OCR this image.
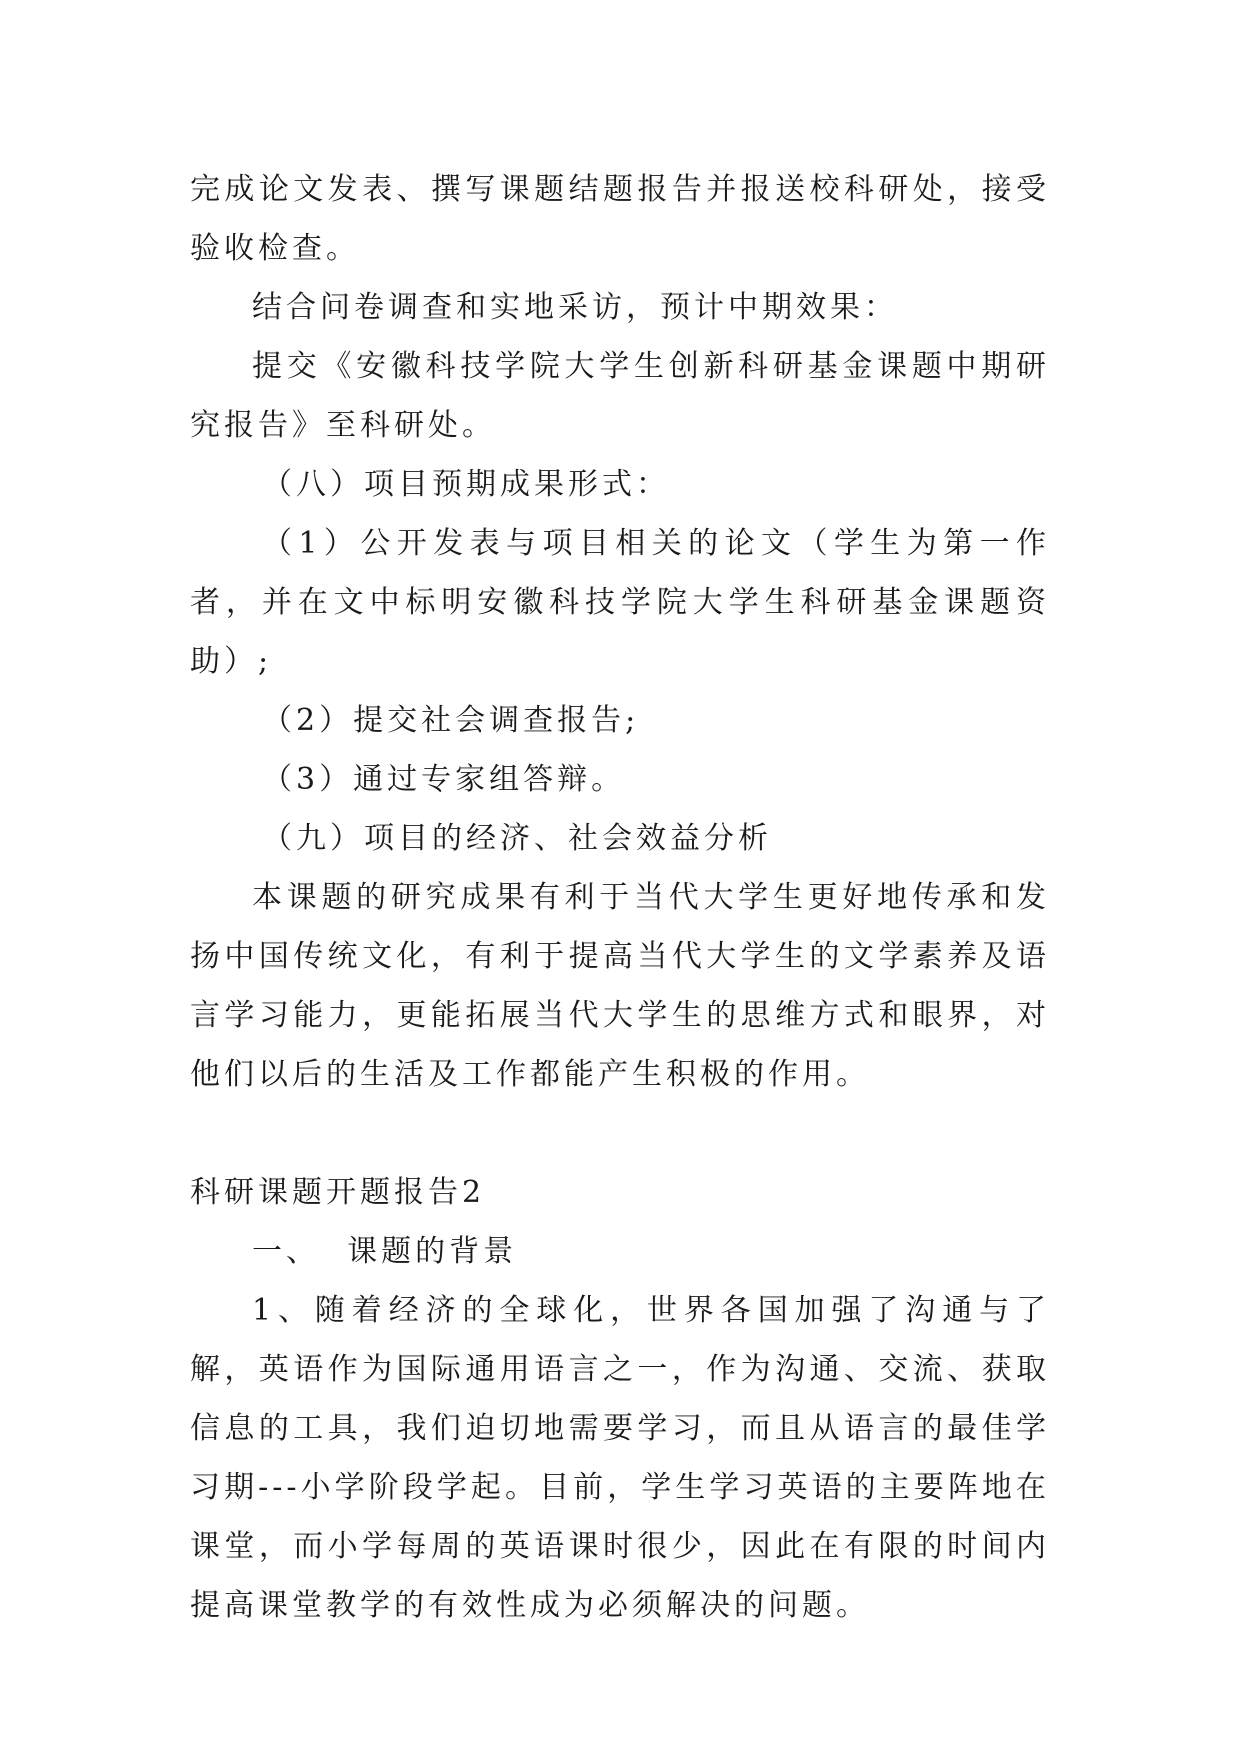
完成论文发表、撰写课题结题报告并报送校科研处，接受验收检查。

结合问卷调查和实地采访，预计中期效果：

提交《安徽科技学院大学生创新科研基金课题中期研究报告》至科研处。

（八）项目预期成果形式：

（1）公开发表与项目相关的论文（学生为第一作者，并在文中标明安徽科技学院大学生科研基金课题资助）;

（2）提交社会调查报告;

（3）通过专家组答辩。

（九）项目的经济、社会效益分析

本课题的研究成果有利于当代大学生更好地传承和发扬中国传统文化，有利于提高当代大学生的文学素养及语言学习能力，更能拓展当代大学生的思维方式和眼界，对他们以后的生活及工作都能产生积极的作用。

科研课题开题报告2

一、  课题的背景

1、随着经济的全球化，世界各国加强了沟通与了解，英语作为国际通用语言之一，作为沟通、交流、获取信息的工具，我们迫切地需要学习，而且从语言的最佳学习期---小学阶段学起。目前，学生学习英语的主要阵地在课堂，而小学每周的英语课时很少，因此在有限的时间内提高课堂教学的有效性成为必须解决的问题。
